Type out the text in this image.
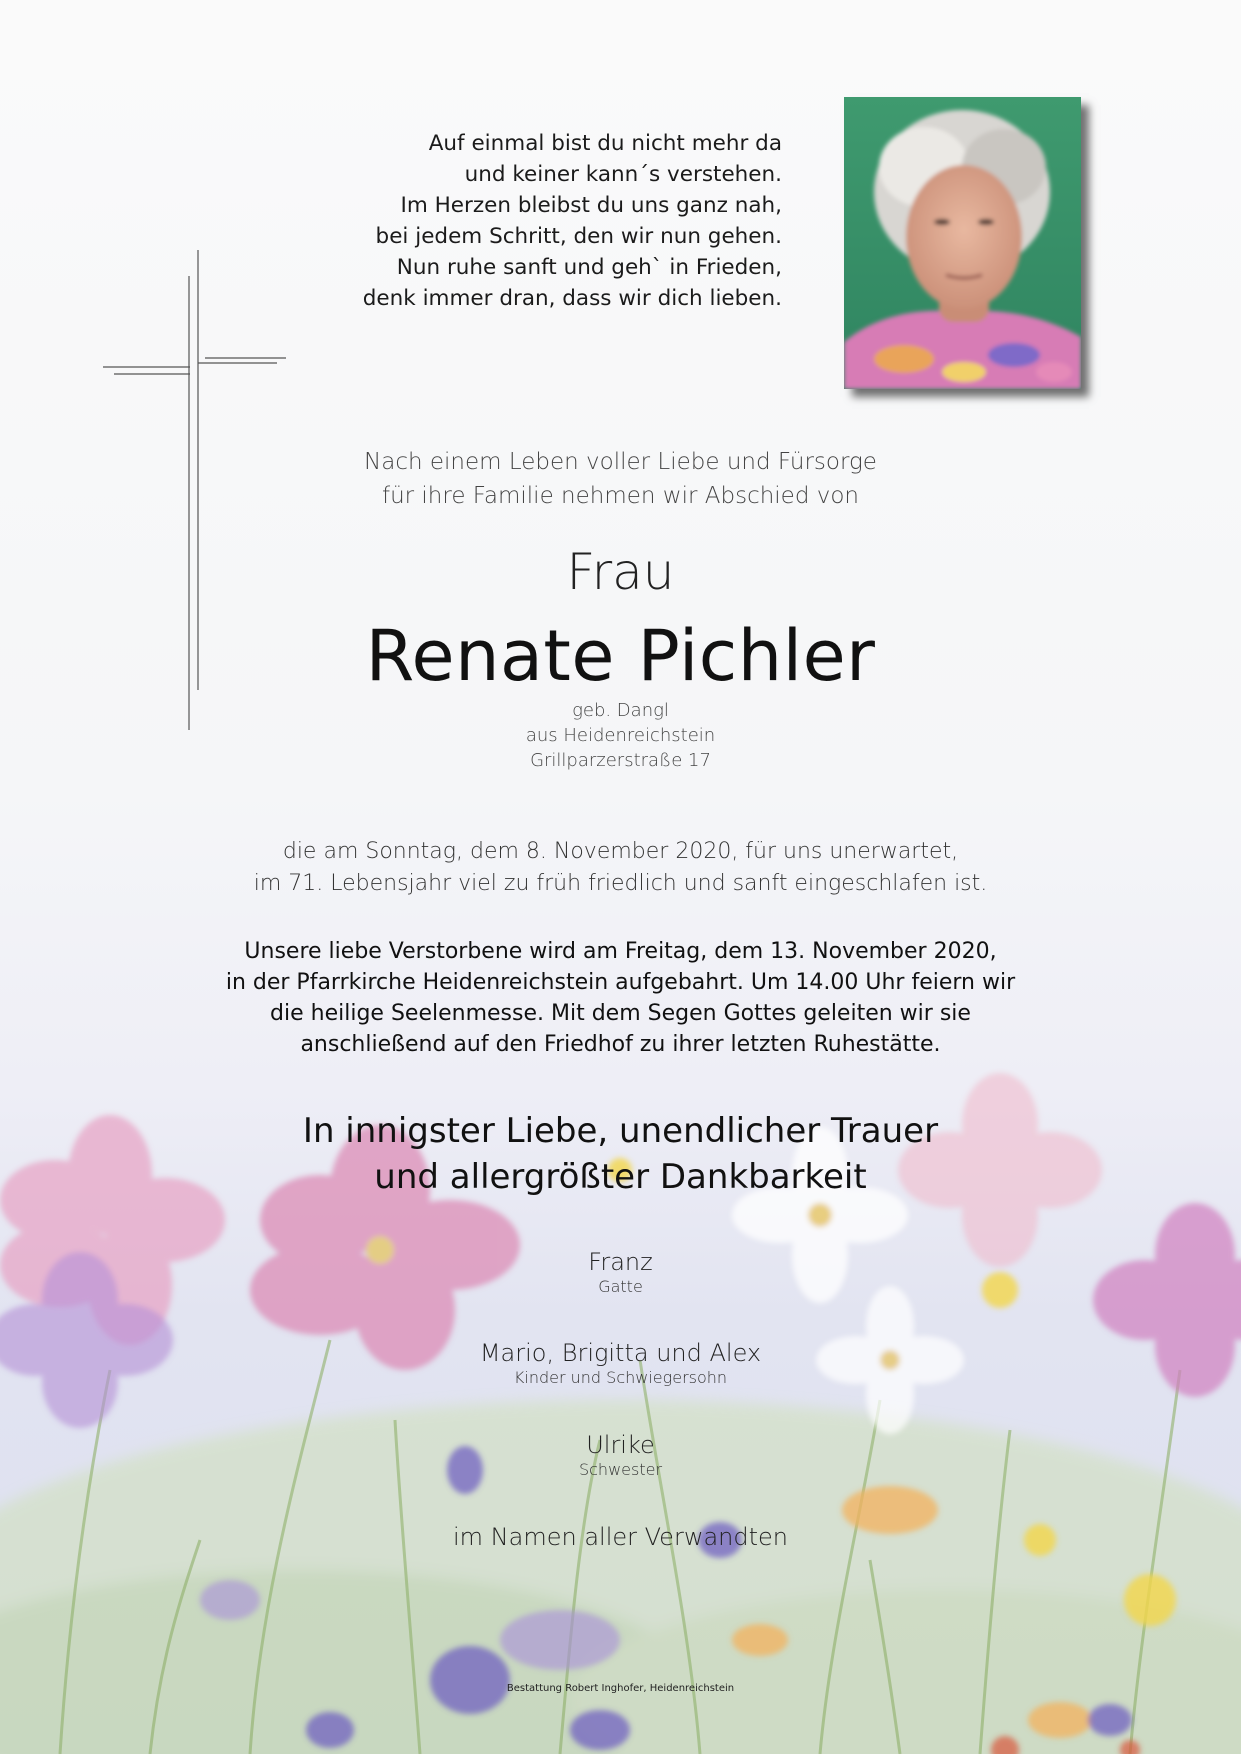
Auf einmal bist du nicht mehr da
und keiner kann´s verstehen.
Im Herzen bleibst du uns ganz nah,
bei jedem Schritt, den wir nun gehen.
Nun ruhe sanft und geh` in Frieden,
denk immer dran, dass wir dich lieben.
Nach einem Leben voller Liebe und Fürsorge
für ihre Familie nehmen wir Abschied von
Frau
Renate Pichler
geb. Dangl
aus Heidenreichstein
Grillparzerstraße 17
die am Sonntag, dem 8. November 2020, für uns unerwartet,
im 71. Lebensjahr viel zu früh friedlich und sanft eingeschlafen ist.
Unsere liebe Verstorbene wird am Freitag, dem 13. November 2020,
in der Pfarrkirche Heidenreichstein aufgebahrt. Um 14.00 Uhr feiern wir
die heilige Seelenmesse. Mit dem Segen Gottes geleiten wir sie
anschließend auf den Friedhof zu ihrer letzten Ruhestätte.
In innigster Liebe, unendlicher Trauer
und allergrößter Dankbarkeit
Franz
Gatte
Mario, Brigitta und Alex
Kinder und Schwiegersohn
Ulrike
Schwester
im Namen aller Verwandten
Bestattung Robert Inghofer, Heidenreichstein
